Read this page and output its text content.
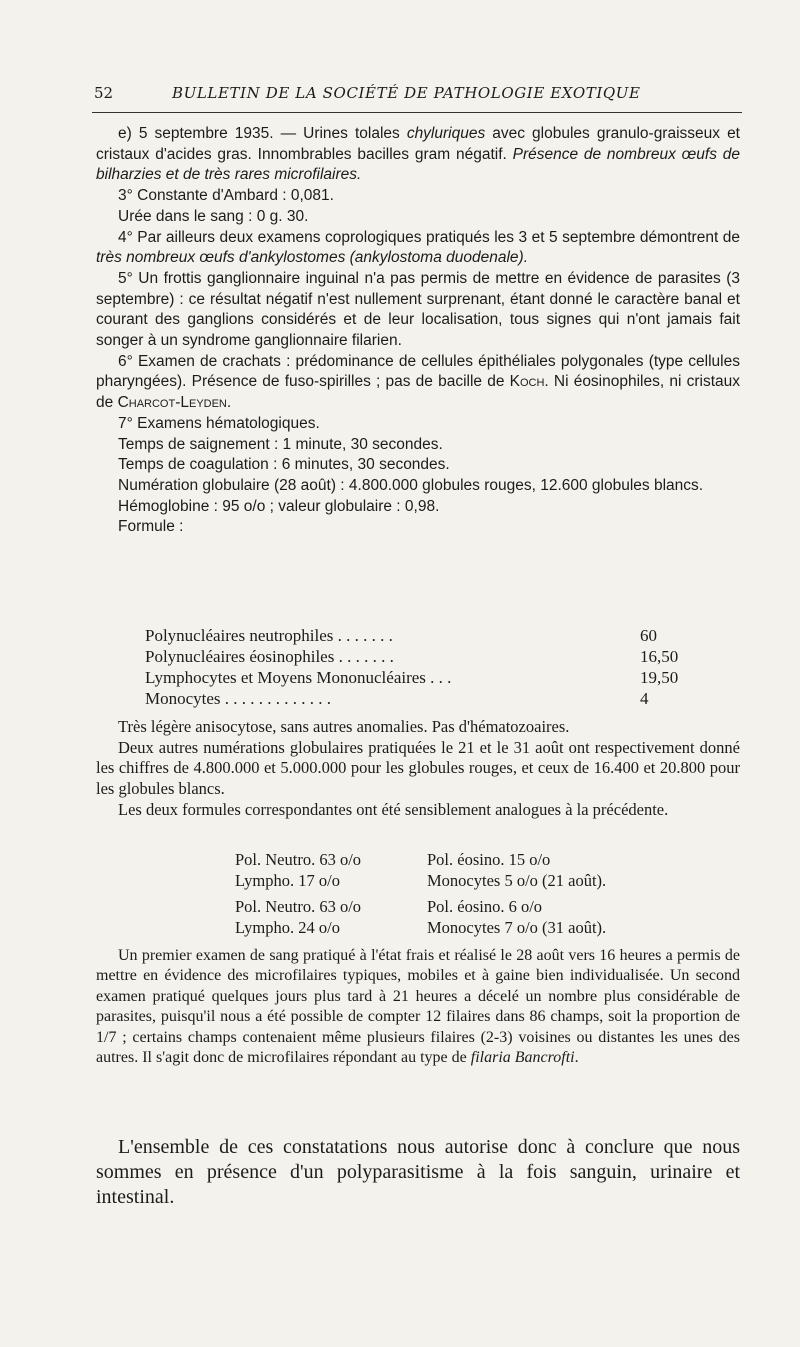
52	BULLETIN DE LA SOCIÉTÉ DE PATHOLOGIE EXOTIQUE

e) 5 septembre 1935. — Urines tolales chyluriques avec globules granulo-graisseux et cristaux d'acides gras. Innombrables bacilles gram négatif. Présence de nombreux œufs de bilharzies et de très rares microfilaires.

3° Constante d'Ambard : 0,081.

Urée dans le sang : 0 g. 30.

4° Par ailleurs deux examens coprologiques pratiqués les 3 et 5 septembre démontrent de très nombreux œufs d'ankylostomes (ankylostoma duodenale).

5° Un frottis ganglionnaire inguinal n'a pas permis de mettre en évidence de parasites (3 septembre) : ce résultat négatif n'est nullement surprenant, étant donné le caractère banal et courant des ganglions considérés et de leur localisation, tous signes qui n'ont jamais fait songer à un syndrome ganglionnaire filarien.

6° Examen de crachats : prédominance de cellules épithéliales polygonales (type cellules pharyngées). Présence de fuso-spirilles ; pas de bacille de Koch. Ni éosinophiles, ni cristaux de Charcot-Leyden.

7° Examens hématologiques.

Temps de saignement : 1 minute, 30 secondes.

Temps de coagulation : 6 minutes, 30 secondes.

Numération globulaire (28 août) : 4.800.000 globules rouges, 12.600 globules blancs.

Hémoglobine : 95 o/o ; valeur globulaire : 0,98.

Formule :

Polynucléaires neutrophiles . . . . . . .	60
Polynucléaires éosinophiles . . . . . . .	16,50
Lymphocytes et Moyens Mononucléaires . . .	19,50
Monocytes . . . . . . . . . . . . .	4

Très légère anisocytose, sans autres anomalies. Pas d'hématozoaires.

Deux autres numérations globulaires pratiquées le 21 et le 31 août ont respectivement donné les chiffres de 4.800.000 et 5.000.000 pour les globules rouges, et ceux de 16.400 et 20.800 pour les globules blancs.

Les deux formules correspondantes ont été sensiblement analogues à la précédente.

Pol. Neutro. 63 o/o	Pol. éosino. 15 o/o
Lympho. 17 o/o	Monocytes 5 o/o (21 août).
Pol. Neutro. 63 o/o	Pol. éosino. 6 o/o
Lympho. 24 o/o	Monocytes 7 o/o (31 août).

Un premier examen de sang pratiqué à l'état frais et réalisé le 28 août vers 16 heures a permis de mettre en évidence des microfilaires typiques, mobiles et à gaine bien individualisée. Un second examen pratiqué quelques jours plus tard à 21 heures a décelé un nombre plus considérable de parasites, puisqu'il nous a été possible de compter 12 filaires dans 86 champs, soit la proportion de 1/7 ; certains champs contenaient même plusieurs filaires (2-3) voisines ou distantes les unes des autres. Il s'agit donc de microfilaires répondant au type de filaria Bancrofti.

L'ensemble de ces constatations nous autorise donc à conclure que nous sommes en présence d'un polyparasitisme à la fois sanguin, urinaire et intestinal.
